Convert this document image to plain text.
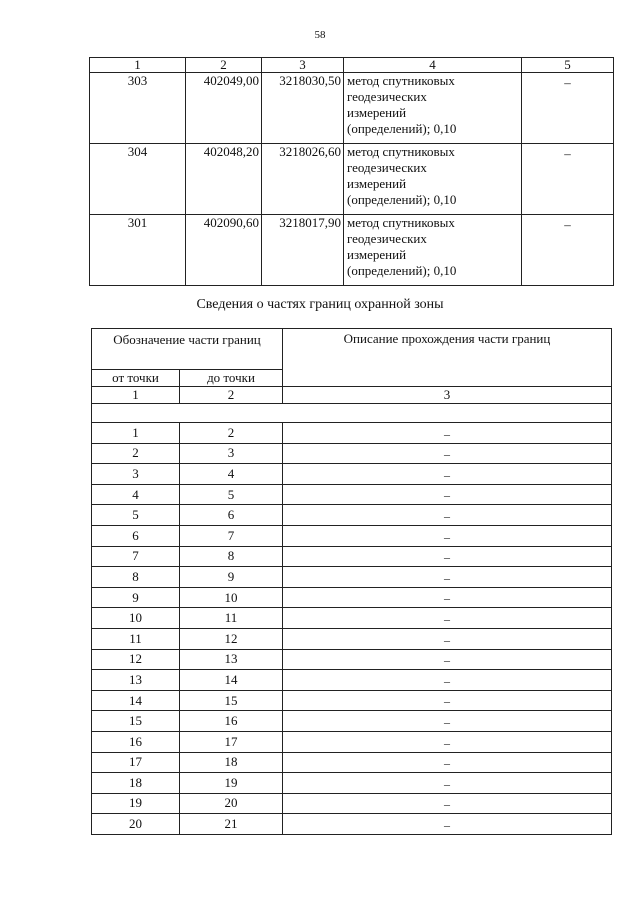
58
1	2	3	4	5
303	402049,00	3218030,50	метод спутниковых
геодезических
измерений
(определений); 0,10	–
304	402048,20	3218026,60	метод спутниковых
геодезических
измерений
(определений); 0,10	–
301	402090,60	3218017,90	метод спутниковых
геодезических
измерений
(определений); 0,10	–
Сведения о частях границ охранной зоны
Обозначение части границ		Описание прохождения части границ
от точки	до точки	
1	2	3

1	2	–
2	3	–
3	4	–
4	5	–
5	6	–
6	7	–
7	8	–
8	9	–
9	10	–
10	11	–
11	12	–
12	13	–
13	14	–
14	15	–
15	16	–
16	17	–
17	18	–
18	19	–
19	20	–
20	21	–
